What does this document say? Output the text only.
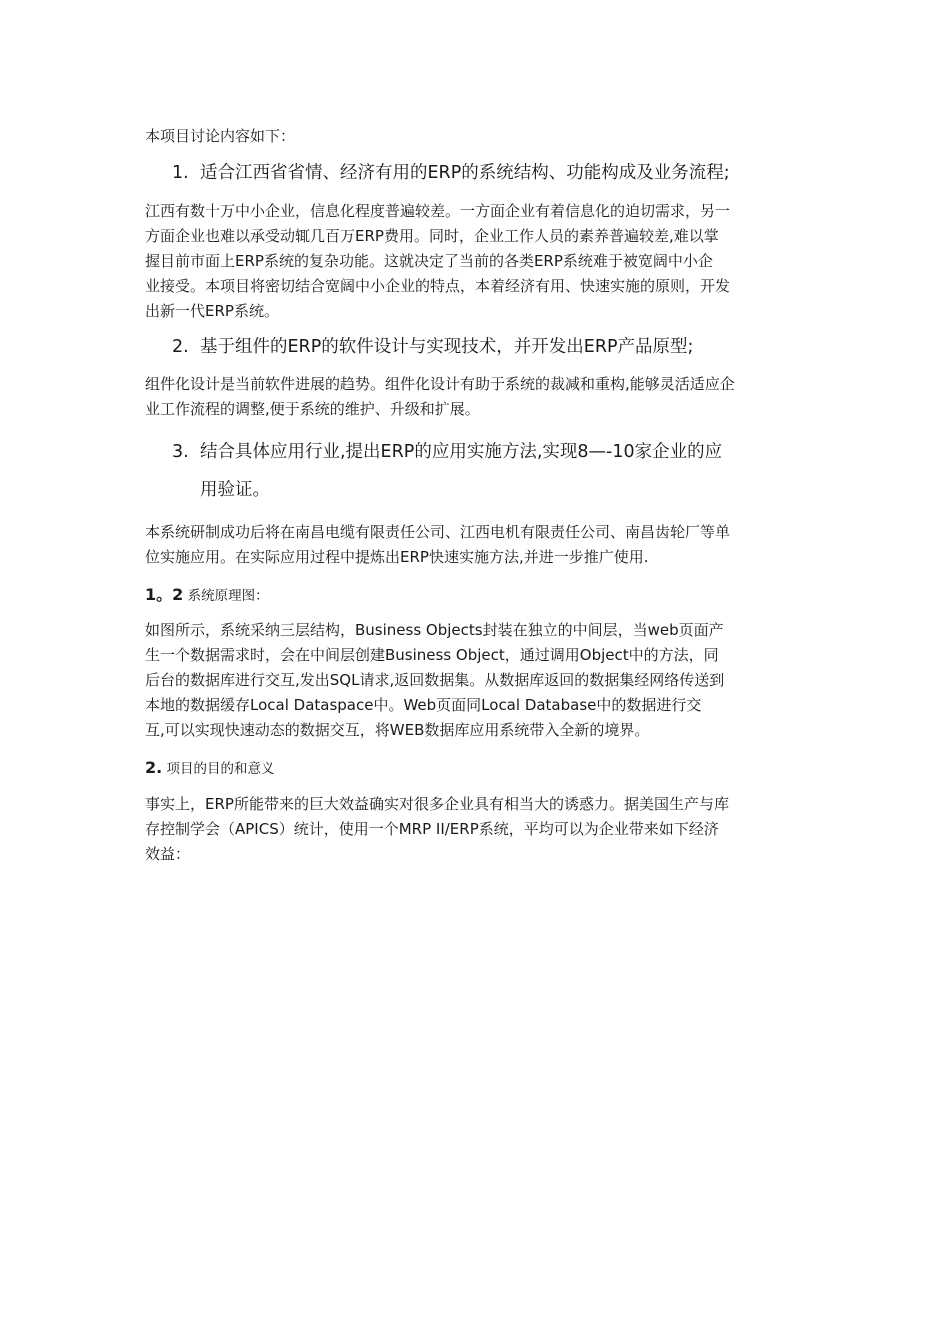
本项目讨论内容如下：

1. 适合江西省省情、经济有用的ERP的系统结构、功能构成及业务流程;
江西有数十万中小企业，信息化程度普遍较差。一方面企业有着信息化的迫切需求，另一
方面企业也难以承受动辄几百万ERP费用。同时，企业工作人员的素养普遍较差,难以掌
握目前市面上ERP系统的复杂功能。这就决定了当前的各类ERP系统难于被宽阔中小企
业接受。本项目将密切结合宽阔中小企业的特点，本着经济有用、快速实施的原则，开发
出新一代ERP系统。
2. 基于组件的ERP的软件设计与实现技术，并开发出ERP产品原型;
组件化设计是当前软件进展的趋势。组件化设计有助于系统的裁减和重构,能够灵活适应企
业工作流程的调整,便于系统的维护、升级和扩展。
3. 结合具体应用行业,提出ERP的应用实施方法,实现8—-10家企业的应
用验证。
本系统研制成功后将在南昌电缆有限责任公司、江西电机有限责任公司、南昌齿轮厂等单
位实施应用。在实际应用过程中提炼出ERP快速实施方法,并进一步推广使用.
1。2 系统原理图：
如图所示，系统采纳三层结构，Business Objects封装在独立的中间层，当web页面产
生一个数据需求时，会在中间层创建Business Object，通过调用Object中的方法，同
后台的数据库进行交互,发出SQL请求,返回数据集。从数据库返回的数据集经网络传送到
本地的数据缓存Local Dataspace中。Web页面同Local Database中的数据进行交
互,可以实现快速动态的数据交互，将WEB数据库应用系统带入全新的境界。
2. 项目的目的和意义
事实上，ERP所能带来的巨大效益确实对很多企业具有相当大的诱惑力。据美国生产与库
存控制学会（APICS）统计，使用一个MRP II/ERP系统，平均可以为企业带来如下经济
效益：
